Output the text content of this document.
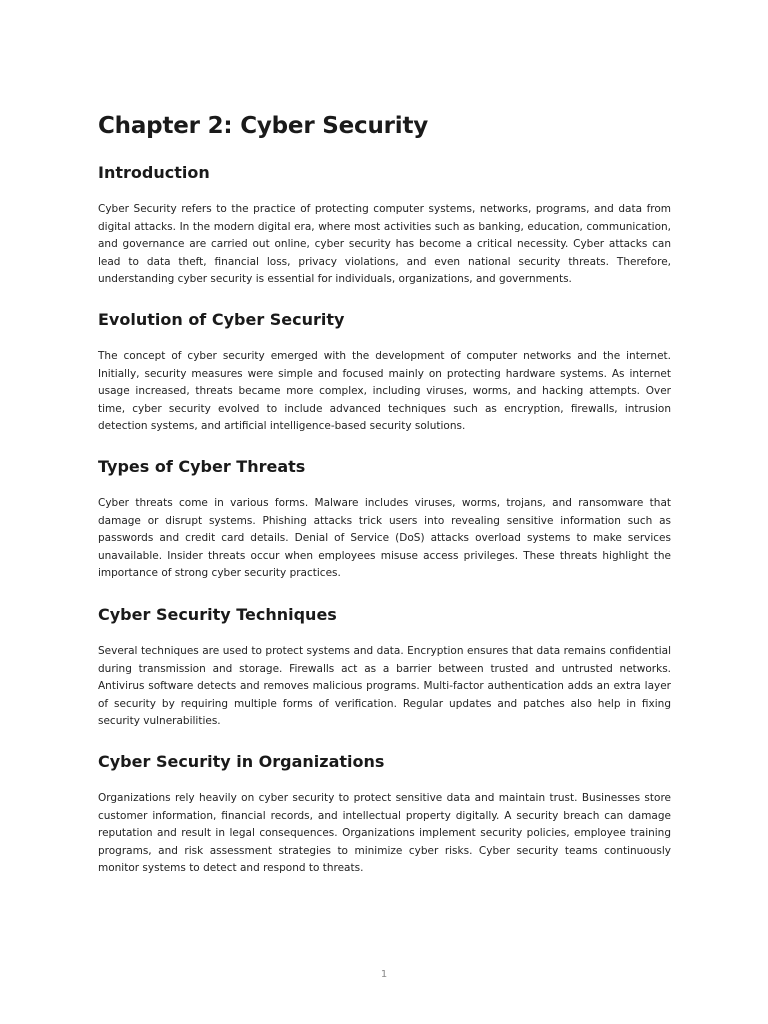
Chapter 2: Cyber Security
Introduction

Cyber Security refers to the practice of protecting computer systems, networks, programs, and data from digital attacks. In the modern digital era, where most activities such as banking, education, communication, and governance are carried out online, cyber security has become a critical necessity. Cyber attacks can lead to data theft, financial loss, privacy violations, and even national security threats. Therefore, understanding cyber security is essential for individuals, organizations, and governments.

Evolution of Cyber Security

The concept of cyber security emerged with the development of computer networks and the internet. Initially, security measures were simple and focused mainly on protecting hardware systems. As internet usage increased, threats became more complex, including viruses, worms, and hacking attempts. Over time, cyber security evolved to include advanced techniques such as encryption, firewalls, intrusion detection systems, and artificial intelligence-based security solutions.

Types of Cyber Threats

Cyber threats come in various forms. Malware includes viruses, worms, trojans, and ransomware that damage or disrupt systems. Phishing attacks trick users into revealing sensitive information such as passwords and credit card details. Denial of Service (DoS) attacks overload systems to make services unavailable. Insider threats occur when employees misuse access privileges. These threats highlight the importance of strong cyber security practices.

Cyber Security Techniques

Several techniques are used to protect systems and data. Encryption ensures that data remains confidential during transmission and storage. Firewalls act as a barrier between trusted and untrusted networks. Antivirus software detects and removes malicious programs. Multi-factor authentication adds an extra layer of security by requiring multiple forms of verification. Regular updates and patches also help in fixing security vulnerabilities.

Cyber Security in Organizations

Organizations rely heavily on cyber security to protect sensitive data and maintain trust. Businesses store customer information, financial records, and intellectual property digitally. A security breach can damage reputation and result in legal consequences. Organizations implement security policies, employee training programs, and risk assessment strategies to minimize cyber risks. Cyber security teams continuously monitor systems to detect and respond to threats.

1
